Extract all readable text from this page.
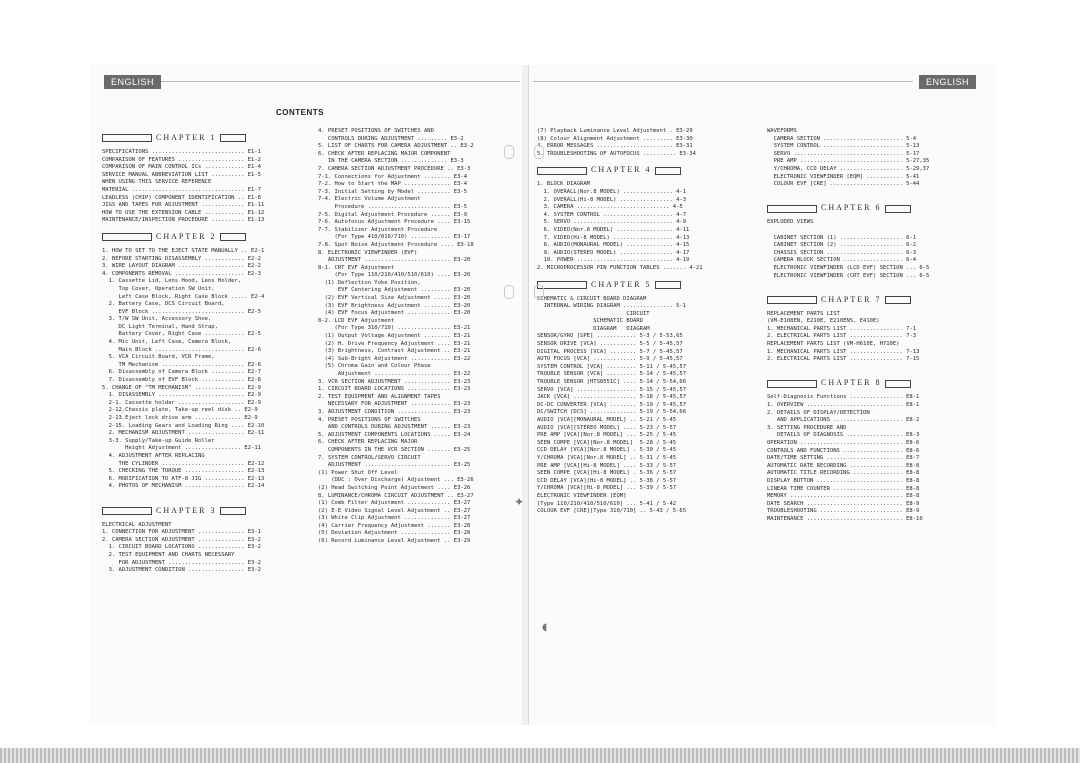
ENGLISH
CONTENTS
CHAPTER 1
SPECIFICATIONS ............................ E1-1
COMPARISON OF FEATURES .................... E1-2
COMPARISON OF MAIN CONTROL ICs ............ E1-4
SERVICE MANUAL ABBREVIATION LIST .......... E1-5
WHEN USING THIS SERVICE REFERENCE
MATERIAL .................................. E1-7
LEADLESS (CHIP) COMPONENT IDENTIFICATION .. E1-8
JIGS AND TAPES FOR ADJUSTMENT ............. E1-11
HOW TO USE THE EXTENSION CABLE ............ E1-12
MAINTENANCE/INSPECTION PROCEDURE .......... E1-13
CHAPTER 2
1. HOW TO SET TO THE EJECT STATE MANUALLY .. E2-1
2. BEFORE STARTING DISASSEMBLY ............ E2-2
3. WIRE LAYOUT DIAGRAM .................... E2-2
4. COMPONENTS REMOVAL ..................... E2-3
1. Cassette Lid, Lens Hood, Lens Holder,
Top Cover, Operation SW Unit,
Left Case Block, Right Case Block ..... E2-4
2. Battery Case, DCS Circuit Board,
EVF Block ............................ E2-5
3. T/W SW Unit, Accessory Shoe,
DC Light Terminal, Hand Strap,
Battery Cover, Right Case ............ E2-5
4. Mic Unit, Left Case, Camera Block,
Main Block ........................... E2-6
5. VCA Circuit Board, VCR Frame,
TM Mechanism ......................... E2-6
6. Disassembly of Camera Block .......... E2-7
7. Disassembly of EVF Block ............. E2-8
5. CHANGE OF "TM MECHANISM" ............... E2-9
1. DISASSEMBLY .......................... E2-9
2-1. Cassette holder .................... E2-9
2-12.Chassis plate, Take-up reel disk .. E2-9
2-13.Eject lock drive arm .............. E2-9
2-15. Loading Gears and Loading Ring .... E2-10
2. MECHANISM ADJUSTMENT ................. E2-11
3-3. Supply/Take-up Guide Roller
Height Adjustment ................. E2-11
4. ADJUSTMENT AFTER REPLACING
THE CYLINDER ......................... E2-12
5. CHECKING THE TORQUE .................. E2-13
6. MODIFICATION TO ATF-8 JIG ............ E2-13
4. PHOTOS OF MECHANISM .................. E2-14
CHAPTER 3
ELECTRICAL ADJUSTMENT
1. CONNECTION FOR ADJUSTMENT .............. E3-1
2. CAMERA SECTION ADJUSTMENT .............. E3-2
1. CIRCUIT BOARD LOCATIONS .............. E3-2
2. TEST EQUIPMENT AND CHARTS NECESSARY
FOR ADJUSTMENT ....................... E3-2
3. ADJUSTMENT CONDITION ................. E3-2
4. PRESET POSITIONS OF SWITCHES AND
CONTROLS DURING ADJUSTMENT ......... E3-2
5. LIST OF CHARTS FOR CAMERA ADJUSTMENT .. E3-2
6. CHECK AFTER REPLACING MAJOR COMPONENT
IN THE CAMERA SECTION .............. E3-3
7. CAMERA SECTION ADJUSTMENT PROCEDURE .. E3-3
7-1. Connections for Adjustment ........ E3-4
7-2. How to Start the MAP .............. E3-4
7-3. Initial Setting by Model .......... E3-5
7-4. Electric Volume Adjustment
Procedure ......................... E3-5
7-5. Digital Adjustment Procedure ...... E3-9
7-6. Autofocus Adjustment Procedure .... E3-15
7-7. Stabilizer Adjustment Procedure
(For Type 410/810/710) ............ E3-17
7-8. Spot Noise Adjustment Procedure .... E3-18
8. ELECTRONIC VIEWFINDER (EVF)
ADJUSTMENT .......................... E3-20
8-1. CRT EVF Adjustment
(For Type 110/210/410/510/610) .... E3-20
(1) Deflection Yoke Position,
EVF Centering Adjustment ......... E3-20
(2) EVF Vertical Size Adjustment ..... E3-20
(3) EVF Brightness Adjustment ........ E3-20
(4) EVF Focus Adjustment ............. E3-20
8-2. LCD EVF Adjustment
(For Type 310/710) ................ E3-21
(1) Output Voltage Adjustment ........ E3-21
(2) H. Drive Frequency Adjustment .... E3-21
(3) Brightness, Contrast Adjustment .. E3-21
(4) Sub-Bright Adjustment ............ E3-22
(5) Chroma Gain and Colour Phase
Adjustment ....................... E3-22
3. VCR SECTION ADJUSTMENT .............. E3-23
1. CIRCUIT BOARD LOCATIONS ............. E3-23
2. TEST EQUIPMENT AND ALIGNMENT TAPES
NECESSARY FOR ADJUSTMENT ............ E3-23
3. ADJUSTMENT CONDITION ................ E3-23
4. PRESET POSITIONS OF SWITCHES
AND CONTROLS DURING ADJUSTMENT ...... E3-23
5. ADJUSTMENT COMPONENTS LOCATIONS ..... E3-24
6. CHECK AFTER REPLACING MAJOR
COMPONENTS IN THE VCR SECTION ....... E3-25
7. SYSTEM CONTROL/SERVO CIRCUIT
ADJUSTMENT .......................... E3-25
(1) Power Shut Off Level
(DDC : Over Discharge) Adjustment ... E3-26
(2) Head Switching Point Adjustment .... E3-26
8. LUMINANCE/CHROMA CIRCUIT ADJUSTMENT .. E3-27
(1) Comb Filter Adjustment ............. E3-27
(2) E-E Video Signal Level Adjustment .. E3-27
(3) White Clip Adjustment .............. E3-27
(4) Carrier Frequency Adjustment ....... E3-28
(5) Deviation Adjustment ............... E3-28
(6) Record Luminance Level Adjustment .. E3-29
ENGLISH
(7) Playback Luminance Level Adjustment . E3-29
(8) Colour Alignment Adjustment ......... E3-30
4. ERROR MESSAGES ....................... E3-31
5. TROUBLESHOOTING OF AUTOFOCUS .......... E3-34
CHAPTER 4
1. BLOCK DIAGRAM
1. OVERALL(Nor.8 MODEL) ............... 4-1
2. OVERALL(Hi-8 MODEL) ................ 4-3
3. CAMERA ............................ 4-5
4. SYSTEM CONTROL ..................... 4-7
5. SERVO .............................. 4-9
6. VIDEO(Nor.8 MODEL) ................. 4-11
7. VIDEO(Hi-8 MODEL) .................. 4-13
8. AUDIO(MONAURAL MODEL) .............. 4-15
9. AUDIO(STEREO MODEL) ................ 4-17
10. POWER ............................. 4-19
2. MICROPROCESSOR PIN FUNCTION TABLES ....... 4-21
CHAPTER 5
SCHEMATIC & CIRCUIT BOARD DIAGRAM
INTERNAL WIRING DIAGRAM ............... 5-1
CIRCUIT
SCHEMATIC BOARD
DIAGRAM   DIAGRAM
SENSOR/GYRO [SPE] ............ 5-3 / 5-53,65
SENSOR DRIVE [VCA] ........... 5-5 / 5-45,57
DIGITAL PROCESS [VCA] ........ 5-7 / 5-45,57
AUTO FOCUS [VCA] ............. 5-9 / 5-45,57
SYSTEM CONTROL [VCA] ......... 5-11 / 5-45,57
TROUBLE SENSOR [VCA] ......... 5-14 / 5-45,57
TROUBLE SENSOR [HTS8551C] .... 5-14 / 5-54,66
SERVO [VCA] .................. 5-15 / 5-45,57
JACK [VCA] ................... 5-18 / 5-45,57
DC-DC CONVERTER [VCA] ........ 5-19 / 5-45,57
DC/SWITCH [DCS] .............. 5-19 / 5-54,66
AUDIO [VCA][MONAURAL MODEL] .. 5-21 / 5-45
AUDIO [VCA][STEREO MODEL] .... 5-23 / 5-57
PRE AMP [VCA][Nor.8 MODEL] ... 5-25 / 5-45
SEEN COMPE [VCA][Nor.8 MODEL]  5-28 / 5-45
CCD DELAY [VCA][Nor.8 MODEL] . 5-30 / 5-45
Y/CHROMA [VCA][Nor.8 MODEL] .. 5-31 / 5-45
PRE AMP [VCA][Hi-8 MODEL] .... 5-33 / 5-57
SEEN COMPE [VCA][Hi-8 MODEL] . 5-36 / 5-57
CCD DELAY [VCA][Hi-8 MODEL] .. 5-38 / 5-57
Y/CHROMA [VCA][Hi-8 MODEL] ... 5-39 / 5-57
ELECTRONIC VIEWFINDER [EQM]
[Type 110/210/410/510/610] ... 5-41 / 5-42
COLOUR EVF [CRE][Type 310/710] .. 5-43 / 5-65
WAVEFORMS
CAMERA SECTION ........................ 5-4
SYSTEM CONTROL ........................ 5-13
SERVO ................................. 5-17
PRE AMP ............................... 5-27,35
Y/CHROMA, CCD DELAY ................... 5-29,37
ELECTRONIC VIEWFINDER [EQM] ........... 5-41
COLOUR EVF [CRE] ...................... 5-44
CHAPTER 6
EXPLODED VIEWS
CABINET SECTION (1) ................... 6-1
CABINET SECTION (2) ................... 6-2
CHASSIS SECTION ....................... 6-3
CAMERA BLOCK SECTION .................. 6-4
ELECTRONIC VIEWFINDER (LCD EVF) SECTION ... 6-5
ELECTRONIC VIEWFINDER (CRT EVF) SECTION ... 6-5
CHAPTER 7
REPLACEMENT PARTS LIST
(VM-E108EN, E210E, E210ENS, E410E)
1. MECHANICAL PARTS LIST ................ 7-1
2. ELECTRICAL PARTS LIST ................ 7-3
REPLACEMENT PARTS LIST (VM-H610E, H710E)
1. MECHANICAL PARTS LIST ................ 7-13
2. ELECTRICAL PARTS LIST ................ 7-15
CHAPTER 8
Self-Diagnosis Functions ................ E8-1
1. OVERVIEW ............................. E8-1
2. DETAILS OF DISPLAY/DETECTION
AND APPLICATIONS ..................... E8-2
3. SETTING PROCEDURE AND
DETAILS OF DIAGNOSIS ................. E8-3
OPERATION ............................... E8-6
CONTROLS AND FUNCTIONS .................. E8-6
DATE/TIME SETTING ....................... E8-7
AUTOMATIC DATE RECORDING ................ E8-8
AUTOMATIC TITLE RECORDING ............... E8-8
DISPLAY BUTTON .......................... E8-8
LINEAR TIME COUNTER ..................... E8-8
MEMORY .................................. E8-8
DATE SEARCH ............................. E8-9
TROUBLESHOOTING ......................... E8-9
MAINTENANCE ............................. E8-10
✦
◖
